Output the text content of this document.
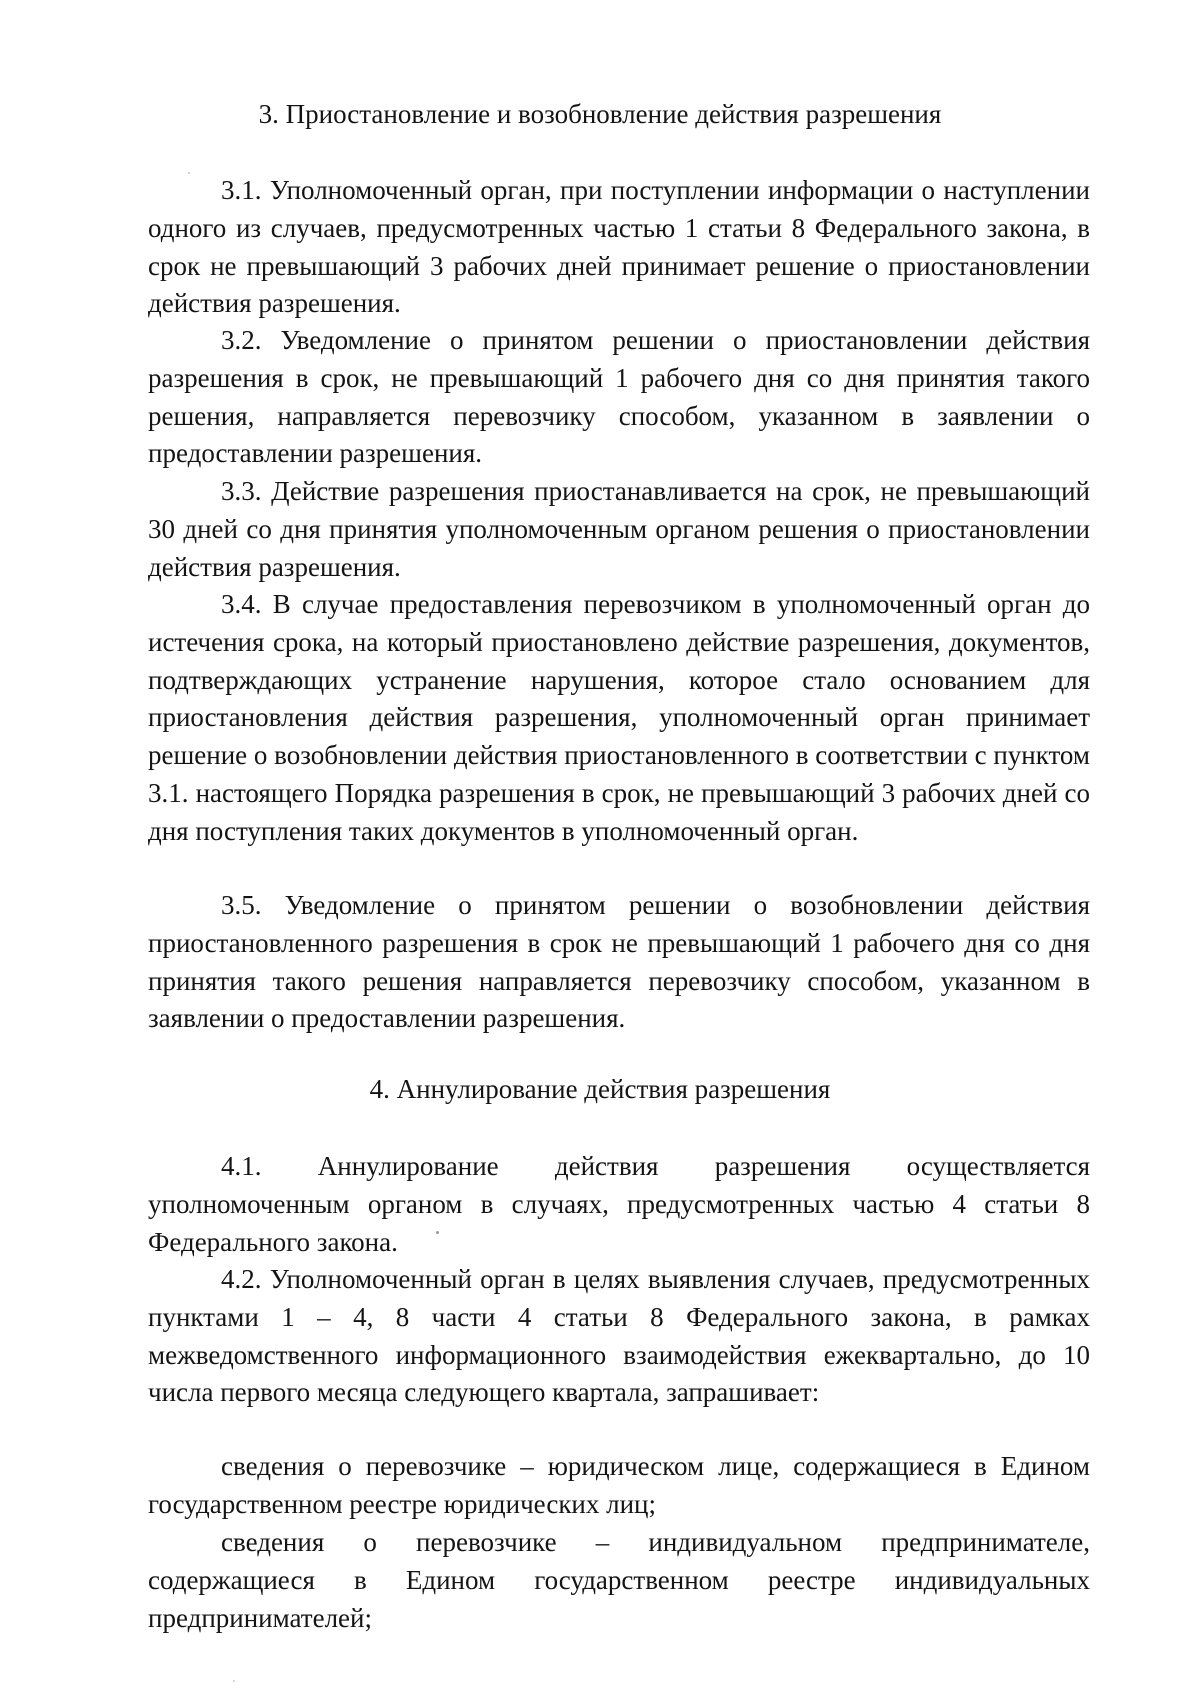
3. Приостановление и возобновление действия разрешения

3.1. Уполномоченный орган, при поступлении информации о наступлении одного из случаев, предусмотренных частью 1 статьи 8 Федерального закона, в срок не превышающий 3 рабочих дней принимает решение о приостановлении действия разрешения.

3.2. Уведомление о принятом решении о приостановлении действия разрешения в срок, не превышающий 1 рабочего дня со дня принятия такого решения, направляется перевозчику способом, указанном в заявлении о предоставлении разрешения.

3.3. Действие разрешения приостанавливается на срок, не превышающий 30 дней со дня принятия уполномоченным органом решения о приостановлении действия разрешения.

3.4. В случае предоставления перевозчиком в уполномоченный орган до истечения срока, на который приостановлено действие разрешения, документов, подтверждающих устранение нарушения, которое стало основанием для приостановления действия разрешения, уполномоченный орган принимает решение о возобновлении действия приостановленного в соответствии с пунктом 3.1. настоящего Порядка разрешения в срок, не превышающий 3 рабочих дней со дня поступления таких документов в уполномоченный орган.

3.5. Уведомление о принятом решении о возобновлении действия приостановленного разрешения в срок не превышающий 1 рабочего дня со дня принятия такого решения направляется перевозчику способом, указанном в заявлении о предоставлении разрешения.

4. Аннулирование действия разрешения

4.1. Аннулирование действия разрешения осуществляется уполномоченным органом в случаях, предусмотренных частью 4 статьи 8 Федерального закона.

4.2. Уполномоченный орган в целях выявления случаев, предусмотренных пунктами 1 – 4, 8 части 4 статьи 8 Федерального закона, в рамках межведомственного информационного взаимодействия ежеквартально, до 10 числа первого месяца следующего квартала, запрашивает:

сведения о перевозчике – юридическом лице, содержащиеся в Едином государственном реестре юридических лиц;

сведения о перевозчике – индивидуальном предпринимателе, содержащиеся в Едином государственном реестре индивидуальных предпринимателей;
